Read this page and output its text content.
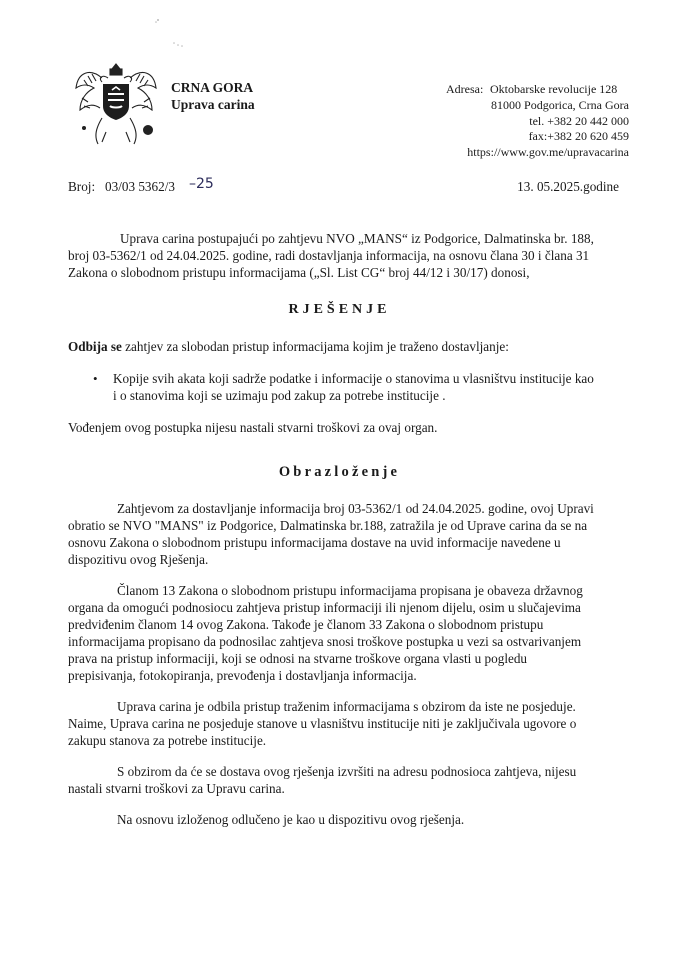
CRNA GORA
Uprava carina
Adresa: Oktobarske revolucije 128
81000 Podgorica, Crna Gora
tel. +382 20 442 000
fax:+382 20 620 459
https://www.gov.me/upravacarina
Broj: 03/03 5362/3 –25	13. 05.2025.godine
Uprava carina postupajući po zahtjevu NVO „MANS“ iz Podgorice, Dalmatinska br. 188,
broj 03-5362/1 od 24.04.2025. godine, radi dostavljanja informacija, na osnovu člana 30 i člana 31
Zakona o slobodnom pristupu informacijama („Sl. List CG“ broj 44/12 i 30/17) donosi,
RJEŠENJE
Odbija se zahtjev za slobodan pristup informacijama kojim je traženo dostavljanje:
• Kopije svih akata koji sadrže podatke i informacije o stanovima u vlasništvu institucije kao
i o stanovima koji se uzimaju pod zakup za potrebe institucije .
Vođenjem ovog postupka nijesu nastali stvarni troškovi za ovaj organ.
Obrazloženje
Zahtjevom za dostavljanje informacija broj 03-5362/1 od 24.04.2025. godine, ovoj Upravi
obratio se NVO "MANS" iz Podgorice, Dalmatinska br.188, zatražila je od Uprave carina da se na
osnovu Zakona o slobodnom pristupu informacijama dostave na uvid informacije navedene u
dispozitivu ovog Rješenja.
Članom 13 Zakona o slobodnom pristupu informacijama propisana je obaveza državnog
organa da omogući podnosiocu zahtjeva pristup informaciji ili njenom dijelu, osim u slučajevima
predviđenim članom 14 ovog Zakona. Takođe je članom 33 Zakona o slobodnom pristupu
informacijama propisano da podnosilac zahtjeva snosi troškove postupka u vezi sa ostvarivanjem
prava na pristup informaciji, koji se odnosi na stvarne troškove organa vlasti u pogledu
prepisivanja, fotokopiranja, prevođenja i dostavljanja informacija.
Uprava carina je odbila pristup traženim informacijama s obzirom da iste ne posjeduje.
Naime, Uprava carina ne posjeduje stanove u vlasništvu institucije niti je zaključivala ugovore o
zakupu stanova za potrebe institucije.
S obzirom da će se dostava ovog rješenja izvršiti na adresu podnosioca zahtjeva, nijesu
nastali stvarni troškovi za Upravu carina.
Na osnovu izloženog odlučeno je kao u dispozitivu ovog rješenja.
